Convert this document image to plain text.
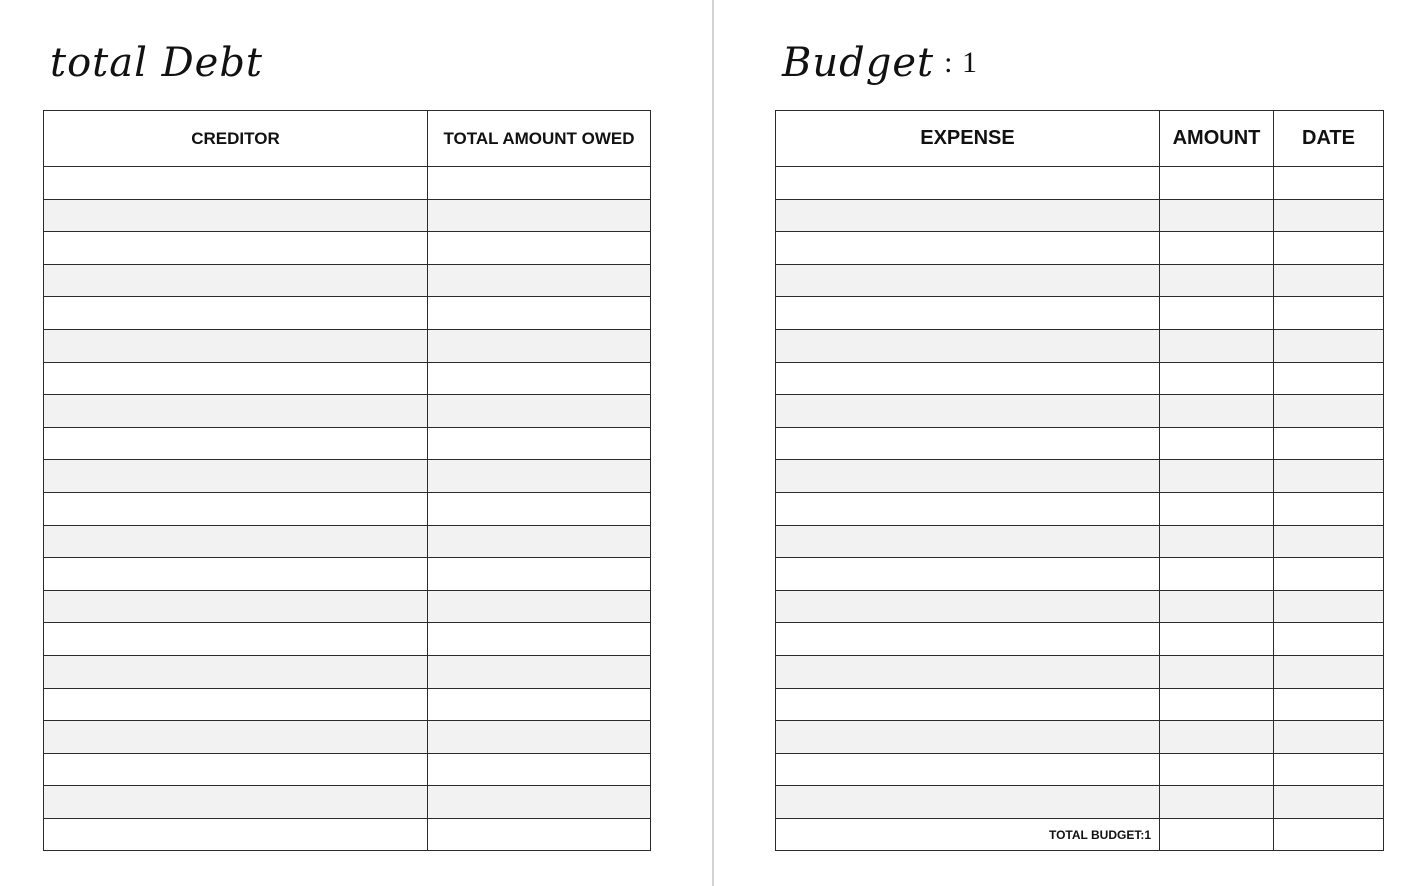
total Debt
CREDITOR	TOTAL AMOUNT OWED

Budget : 1
EXPENSE	AMOUNT	DATE

TOTAL BUDGET:1		
